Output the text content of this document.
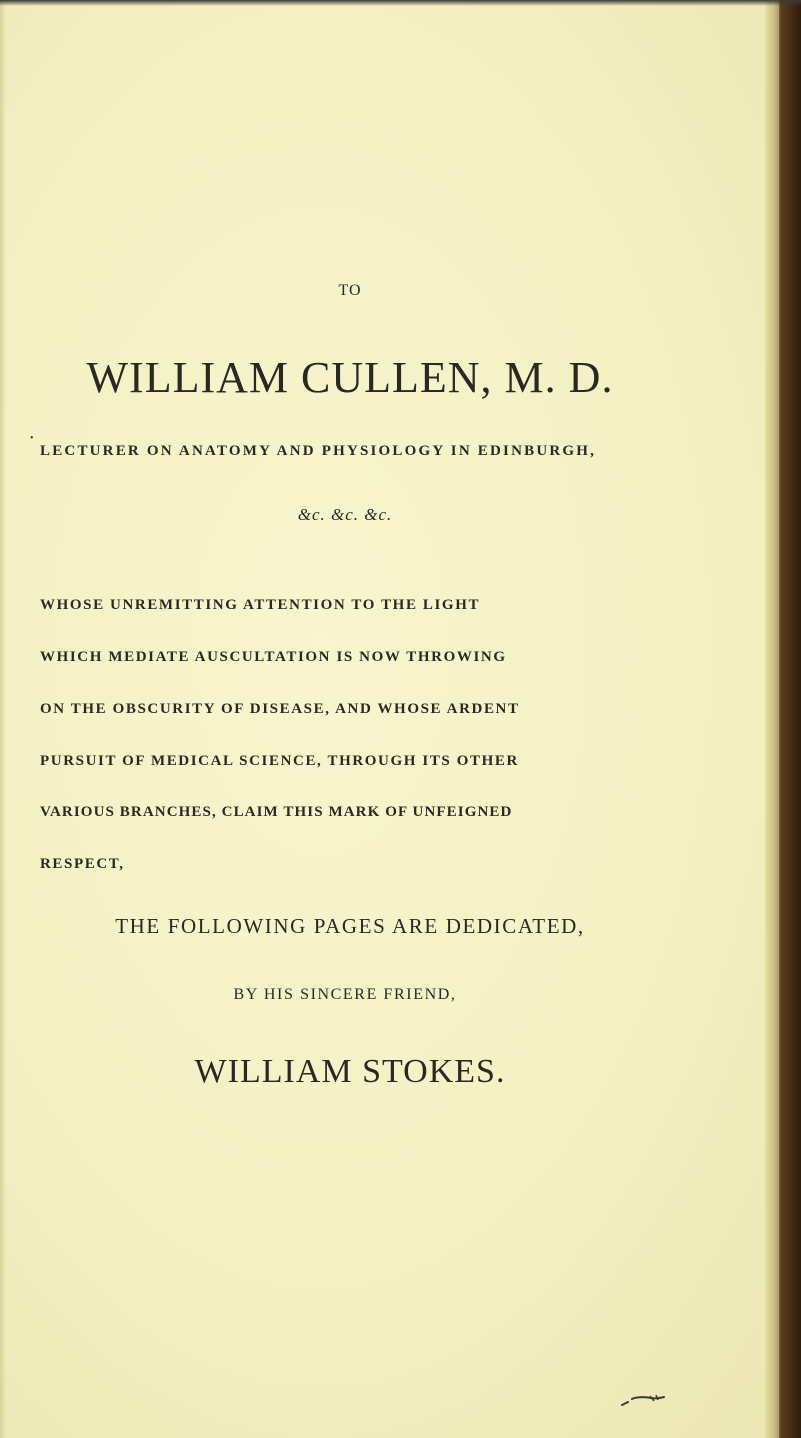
TO
WILLIAM CULLEN, M. D.
•
LECTURER ON ANATOMY AND PHYSIOLOGY IN EDINBURGH,
&c. &c. &c.
WHOSE UNREMITTING ATTENTION TO THE LIGHT
WHICH MEDIATE AUSCULTATION IS NOW THROWING
ON THE OBSCURITY OF DISEASE, AND WHOSE ARDENT
PURSUIT OF MEDICAL SCIENCE, THROUGH ITS OTHER
VARIOUS BRANCHES, CLAIM THIS MARK OF UNFEIGNED
RESPECT,
THE FOLLOWING PAGES ARE DEDICATED,
BY HIS SINCERE FRIEND,
WILLIAM STOKES.
